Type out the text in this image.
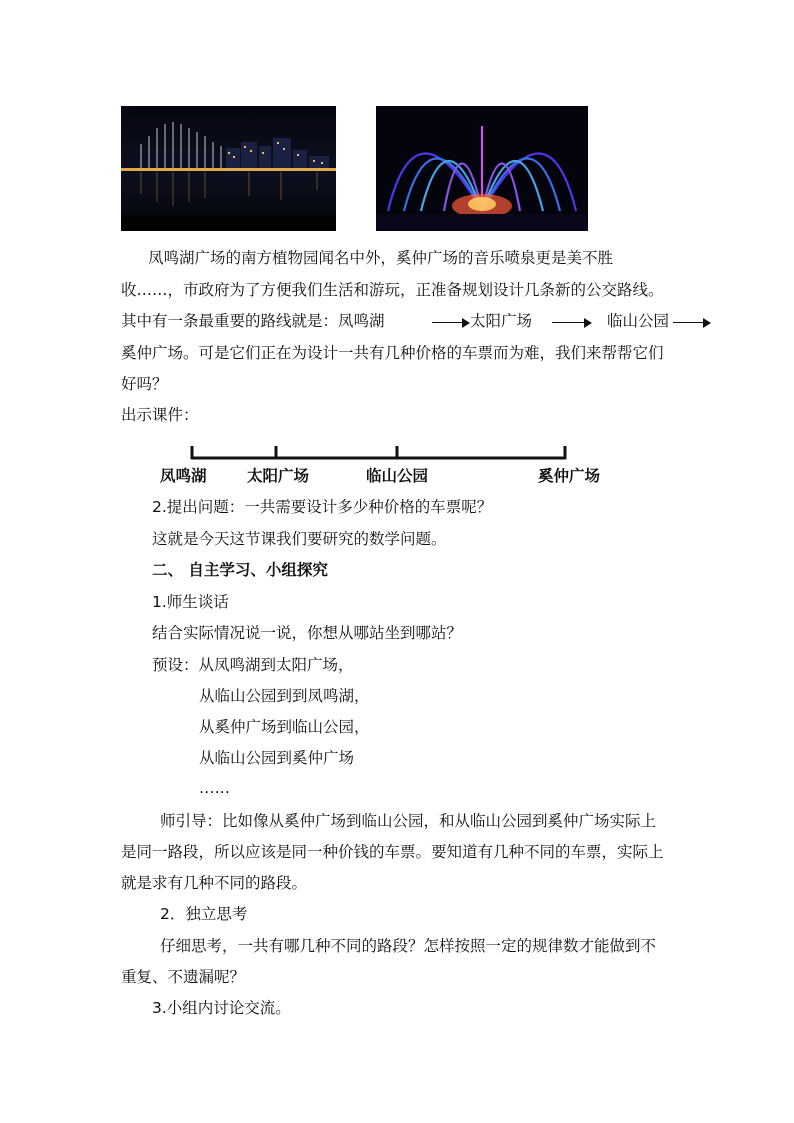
凤鸣湖广场的南方植物园闻名中外，奚仲广场的音乐喷泉更是美不胜
收……，市政府为了方便我们生活和游玩，正准备规划设计几条新的公交路线。
其中有一条最重要的路线就是：凤鸣湖	太阳广场	临山公园
奚仲广场。可是它们正在为设计一共有几种价格的车票而为难，我们来帮帮它们
好吗？
出示课件：
凤鸣湖	太阳广场	临山公园	奚仲广场
2.提出问题：一共需要设计多少种价格的车票呢？
这就是今天这节课我们要研究的数学问题。
二、 自主学习、小组探究
1.师生谈话
结合实际情况说一说，你想从哪站坐到哪站？
预设：从凤鸣湖到太阳广场，
从临山公园到到凤鸣湖，
从奚仲广场到临山公园，
从临山公园到奚仲广场
……
师引导：比如像从奚仲广场到临山公园，和从临山公园到奚仲广场实际上
是同一路段，所以应该是同一种价钱的车票。要知道有几种不同的车票，实际上
就是求有几种不同的路段。
2．独立思考
仔细思考，一共有哪几种不同的路段？怎样按照一定的规律数才能做到不
重复、不遗漏呢？
3.小组内讨论交流。
